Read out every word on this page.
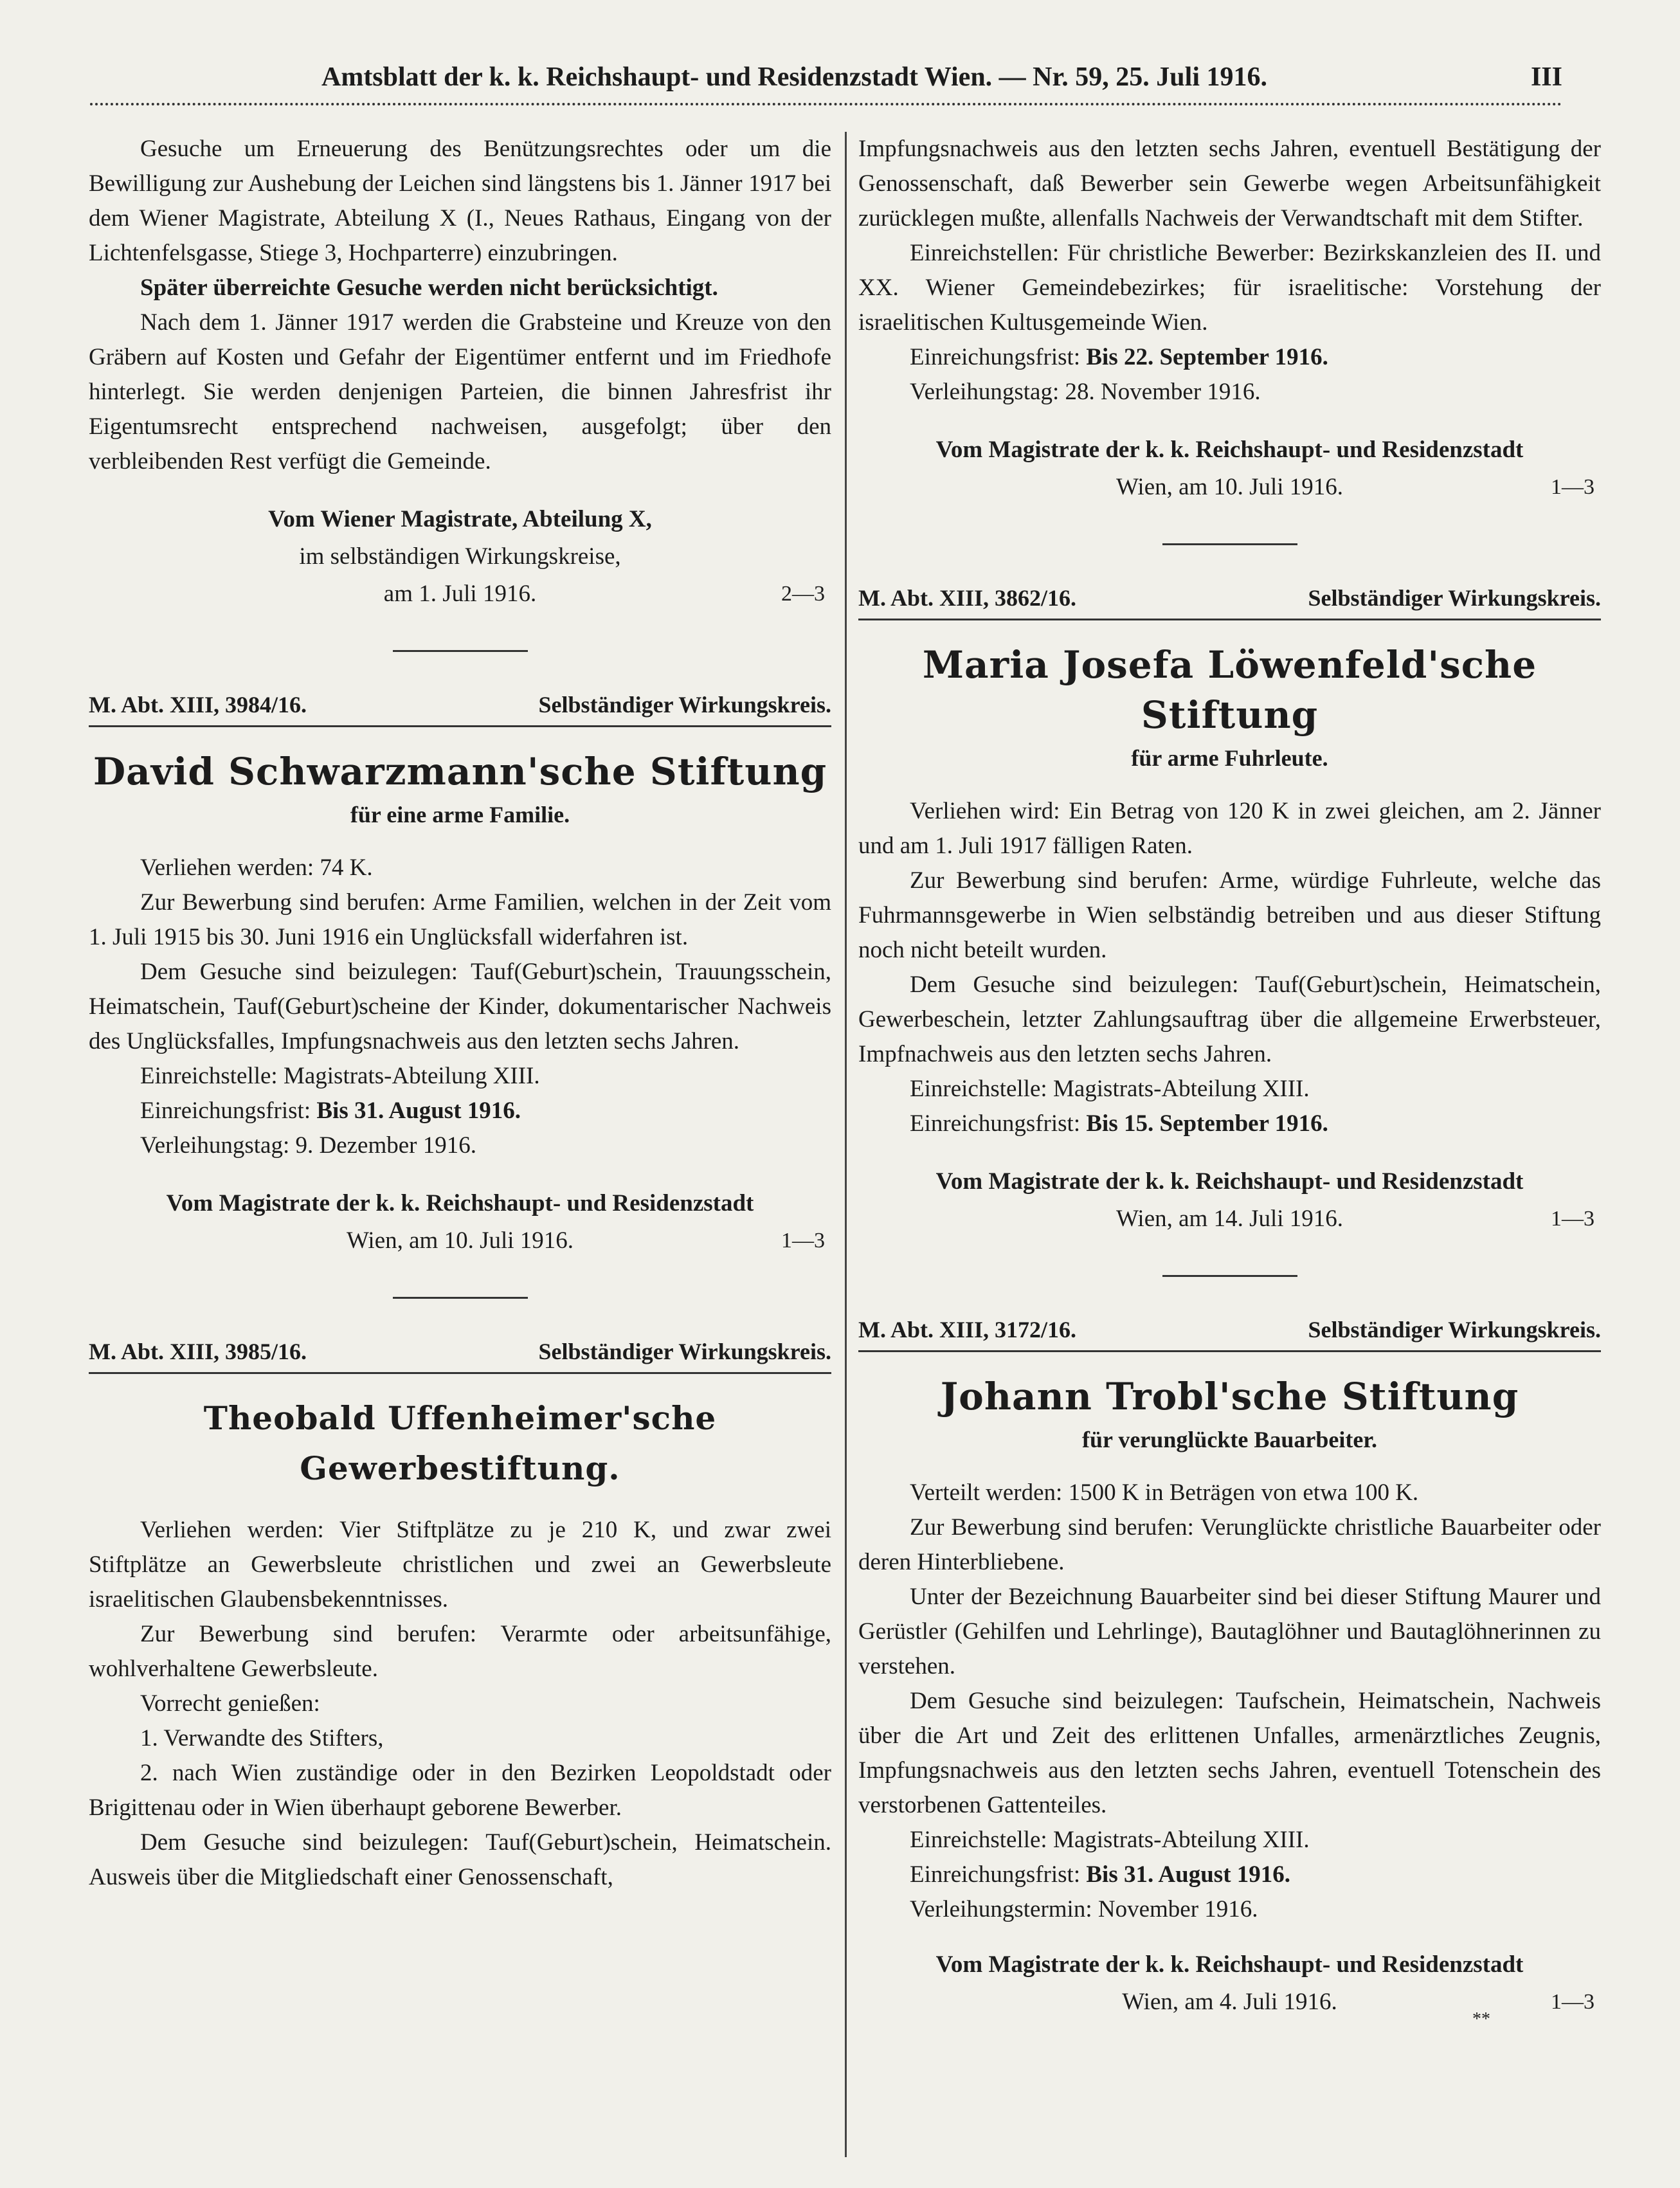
Amtsblatt der k. k. Reichshaupt- und Residenzstadt Wien. — Nr. 59, 25. Juli 1916.	III

Gesuche um Erneuerung des Benützungsrechtes oder um die Bewilligung zur Aushebung der Leichen sind längstens bis 1. Jänner 1917 bei dem Wiener Magistrate, Abteilung X (I., Neues Rathaus, Eingang von der Lichtenfelsgasse, Stiege 3, Hochparterre) einzubringen.

Später überreichte Gesuche werden nicht berücksichtigt.

Nach dem 1. Jänner 1917 werden die Grabsteine und Kreuze von den Gräbern auf Kosten und Gefahr der Eigentümer entfernt und im Friedhofe hinterlegt. Sie werden denjenigen Parteien, die binnen Jahresfrist ihr Eigentumsrecht entsprechend nachweisen, ausgefolgt; über den verbleibenden Rest verfügt die Gemeinde.

Vom Wiener Magistrate, Abteilung X,
im selbständigen Wirkungskreise,
am 1. Juli 1916.	2—3
M. Abt. XIII, 3984/16.	Selbständiger Wirkungskreis.
David Schwarzmann'sche Stiftung
für eine arme Familie.

Verliehen werden: 74 K.

Zur Bewerbung sind berufen: Arme Familien, welchen in der Zeit vom 1. Juli 1915 bis 30. Juni 1916 ein Unglücksfall widerfahren ist.

Dem Gesuche sind beizulegen: Tauf(Geburt)schein, Trauungsschein, Heimatschein, Tauf(Geburt)scheine der Kinder, dokumentarischer Nachweis des Unglücksfalles, Impfungsnachweis aus den letzten sechs Jahren.

Einreichstelle: Magistrats-Abteilung XIII.

Einreichungsfrist: Bis 31. August 1916.

Verleihungstag: 9. Dezember 1916.

Vom Magistrate der k. k. Reichshaupt- und Residenzstadt
Wien, am 10. Juli 1916.	1—3
M. Abt. XIII, 3985/16.	Selbständiger Wirkungskreis.
Theobald Uffenheimer'sche Gewerbestiftung.

Verliehen werden: Vier Stiftplätze zu je 210 K, und zwar zwei Stiftplätze an Gewerbsleute christlichen und zwei an Gewerbsleute israelitischen Glaubensbekenntnisses.

Zur Bewerbung sind berufen: Verarmte oder arbeitsunfähige, wohlverhaltene Gewerbsleute.

Vorrecht genießen:

1. Verwandte des Stifters,

2. nach Wien zuständige oder in den Bezirken Leopoldstadt oder Brigittenau oder in Wien überhaupt geborene Bewerber.

Dem Gesuche sind beizulegen: Tauf(Geburt)schein, Heimatschein. Ausweis über die Mitgliedschaft einer Genossenschaft,

Impfungsnachweis aus den letzten sechs Jahren, eventuell Bestätigung der Genossenschaft, daß Bewerber sein Gewerbe wegen Arbeitsunfähigkeit zurücklegen mußte, allenfalls Nachweis der Verwandtschaft mit dem Stifter.

Einreichstellen: Für christliche Bewerber: Bezirkskanzleien des II. und XX. Wiener Gemeindebezirkes; für israelitische: Vorstehung der israelitischen Kultusgemeinde Wien.

Einreichungsfrist: Bis 22. September 1916.

Verleihungstag: 28. November 1916.

Vom Magistrate der k. k. Reichshaupt- und Residenzstadt
Wien, am 10. Juli 1916.	1—3
M. Abt. XIII, 3862/16.	Selbständiger Wirkungskreis.
Maria Josefa Löwenfeld'sche Stiftung
für arme Fuhrleute.

Verliehen wird: Ein Betrag von 120 K in zwei gleichen, am 2. Jänner und am 1. Juli 1917 fälligen Raten.

Zur Bewerbung sind berufen: Arme, würdige Fuhrleute, welche das Fuhrmannsgewerbe in Wien selbständig betreiben und aus dieser Stiftung noch nicht beteilt wurden.

Dem Gesuche sind beizulegen: Tauf(Geburt)schein, Heimatschein, Gewerbeschein, letzter Zahlungsauftrag über die allgemeine Erwerbsteuer, Impfnachweis aus den letzten sechs Jahren.

Einreichstelle: Magistrats-Abteilung XIII.

Einreichungsfrist: Bis 15. September 1916.

Vom Magistrate der k. k. Reichshaupt- und Residenzstadt
Wien, am 14. Juli 1916.	1—3
M. Abt. XIII, 3172/16.	Selbständiger Wirkungskreis.
Johann Trobl'sche Stiftung
für verunglückte Bauarbeiter.

Verteilt werden: 1500 K in Beträgen von etwa 100 K.

Zur Bewerbung sind berufen: Verunglückte christliche Bauarbeiter oder deren Hinterbliebene.

Unter der Bezeichnung Bauarbeiter sind bei dieser Stiftung Maurer und Gerüstler (Gehilfen und Lehrlinge), Bautaglöhner und Bautaglöhnerinnen zu verstehen.

Dem Gesuche sind beizulegen: Taufschein, Heimatschein, Nachweis über die Art und Zeit des erlittenen Unfalles, armenärztliches Zeugnis, Impfungsnachweis aus den letzten sechs Jahren, eventuell Totenschein des verstorbenen Gattenteiles.

Einreichstelle: Magistrats-Abteilung XIII.

Einreichungsfrist: Bis 31. August 1916.

Verleihungstermin: November 1916.

Vom Magistrate der k. k. Reichshaupt- und Residenzstadt
Wien, am 4. Juli 1916.	1—3
**
